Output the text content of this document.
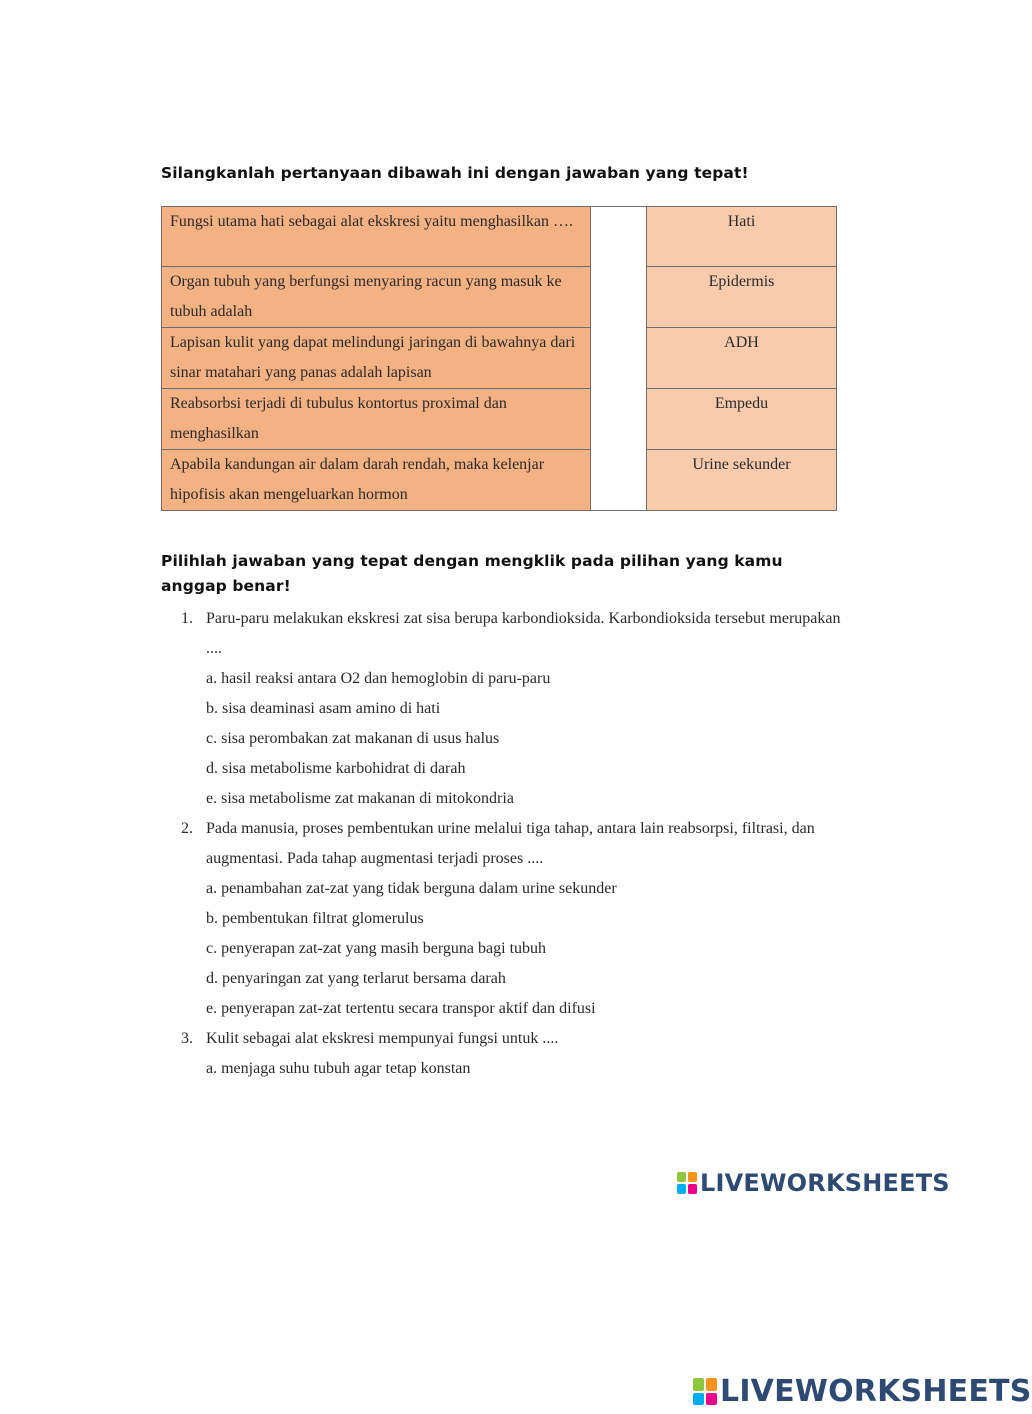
Silangkanlah pertanyaan dibawah ini dengan jawaban yang tepat!
Fungsi utama hati sebagai alat ekskresi yaitu menghasilkan ….		Hati
Organ tubuh yang berfungsi menyaring racun yang masuk ke tubuh adalah		Epidermis
Lapisan kulit yang dapat melindungi jaringan di bawahnya dari sinar matahari yang panas adalah lapisan		ADH
Reabsorbsi terjadi di tubulus kontortus proximal dan menghasilkan		Empedu
Apabila kandungan air dalam darah rendah, maka kelenjar hipofisis akan mengeluarkan hormon		Urine sekunder
Pilihlah jawaban yang tepat dengan mengklik pada pilihan yang kamu anggap benar!
1. Paru-paru melakukan ekskresi zat sisa berupa karbondioksida. Karbondioksida tersebut merupakan ....
a. hasil reaksi antara O2 dan hemoglobin di paru-paru
b. sisa deaminasi asam amino di hati
c. sisa perombakan zat makanan di usus halus
d. sisa metabolisme karbohidrat di darah
e. sisa metabolisme zat makanan di mitokondria
2. Pada manusia, proses pembentukan urine melalui tiga tahap, antara lain reabsorpsi, filtrasi, dan augmentasi. Pada tahap augmentasi terjadi proses ....
a. penambahan zat-zat yang tidak berguna dalam urine sekunder
b. pembentukan filtrat glomerulus
c. penyerapan zat-zat yang masih berguna bagi tubuh
d. penyaringan zat yang terlarut bersama darah
e. penyerapan zat-zat tertentu secara transpor aktif dan difusi
3. Kulit sebagai alat ekskresi mempunyai fungsi untuk ....
a. menjaga suhu tubuh agar tetap konstan
LIVEWORKSHEETS
LIVEWORKSHEETS
